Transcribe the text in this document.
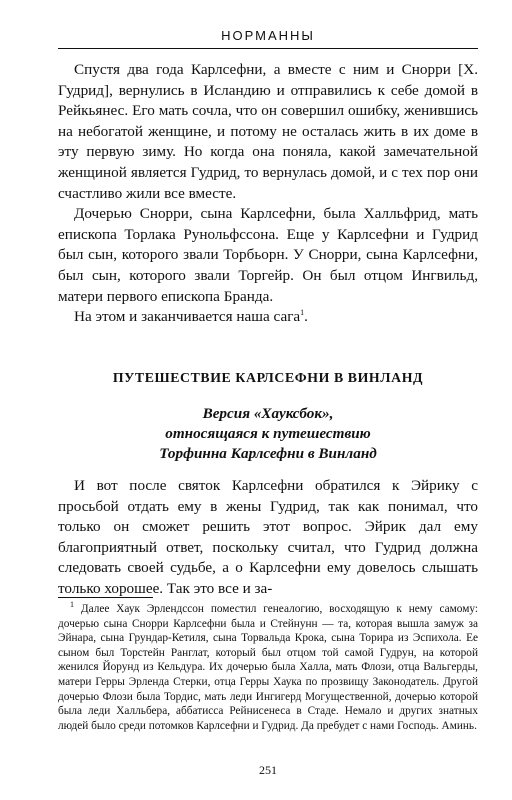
НОРМАННЫ

Спустя два года Карлсефни, а вместе с ним и Снорри [Х. Гудрид], вернулись в Исландию и отправились к себе домой в Рейкьянес. Его мать сочла, что он совершил ошибку, женившись на небогатой женщине, и потому не осталась жить в их доме в эту первую зиму. Но когда она поняла, какой замечательной женщиной является Гудрид, то вернулась домой, и с тех пор они счастливо жили все вместе.

Дочерью Снорри, сына Карлсефни, была Халльфрид, мать епископа Торлака Рунольфссона. Еще у Карлсефни и Гудрид был сын, которого звали Торбьорн. У Снорри, сына Карлсефни, был сын, которого звали Торгейр. Он был отцом Ингвильд, матери первого епископа Бранда.

На этом и заканчивается наша сага$^1$.

ПУТЕШЕСТВИЕ КАРЛСЕФНИ В ВИНЛАНД
Версия «Хауксбок»,
относящаяся к путешествию
Торфинна Карлсефни в Винланд

И вот после святок Карлсефни обратился к Эйрику с просьбой отдать ему в жены Гудрид, так как понимал, что только он сможет решить этот вопрос. Эйрик дал ему благоприятный ответ, поскольку считал, что Гудрид должна следовать своей судьбе, а о Карлсефни ему довелось слышать только хорошее. Так это все и за-

$^1$ Далее Хаук Эрлендссон поместил генеалогию, восходящую к нему самому: дочерью сына Снорри Карлсефни была и Стейнунн — та, которая вышла замуж за Эйнара, сына Грундар-Кетиля, сына Торвальда Крока, сына Торира из Эспихола. Ее сыном был Торстейн Ранглат, который был отцом той самой Гудрун, на которой женился Йорунд из Кельдура. Их дочерью была Халла, мать Флози, отца Вальгерды, матери Герры Эрленда Стерки, отца Герры Хаука по прозвищу Законодатель. Другой дочерью Флози была Тордис, мать леди Ингигерд Могущественной, дочерью которой была леди Халльбера, аббатисса Рейнисенеса в Стаде. Немало и других знатных людей было среди потомков Карлсефни и Гудрид. Да пребудет с нами Господь. Аминь.

251
